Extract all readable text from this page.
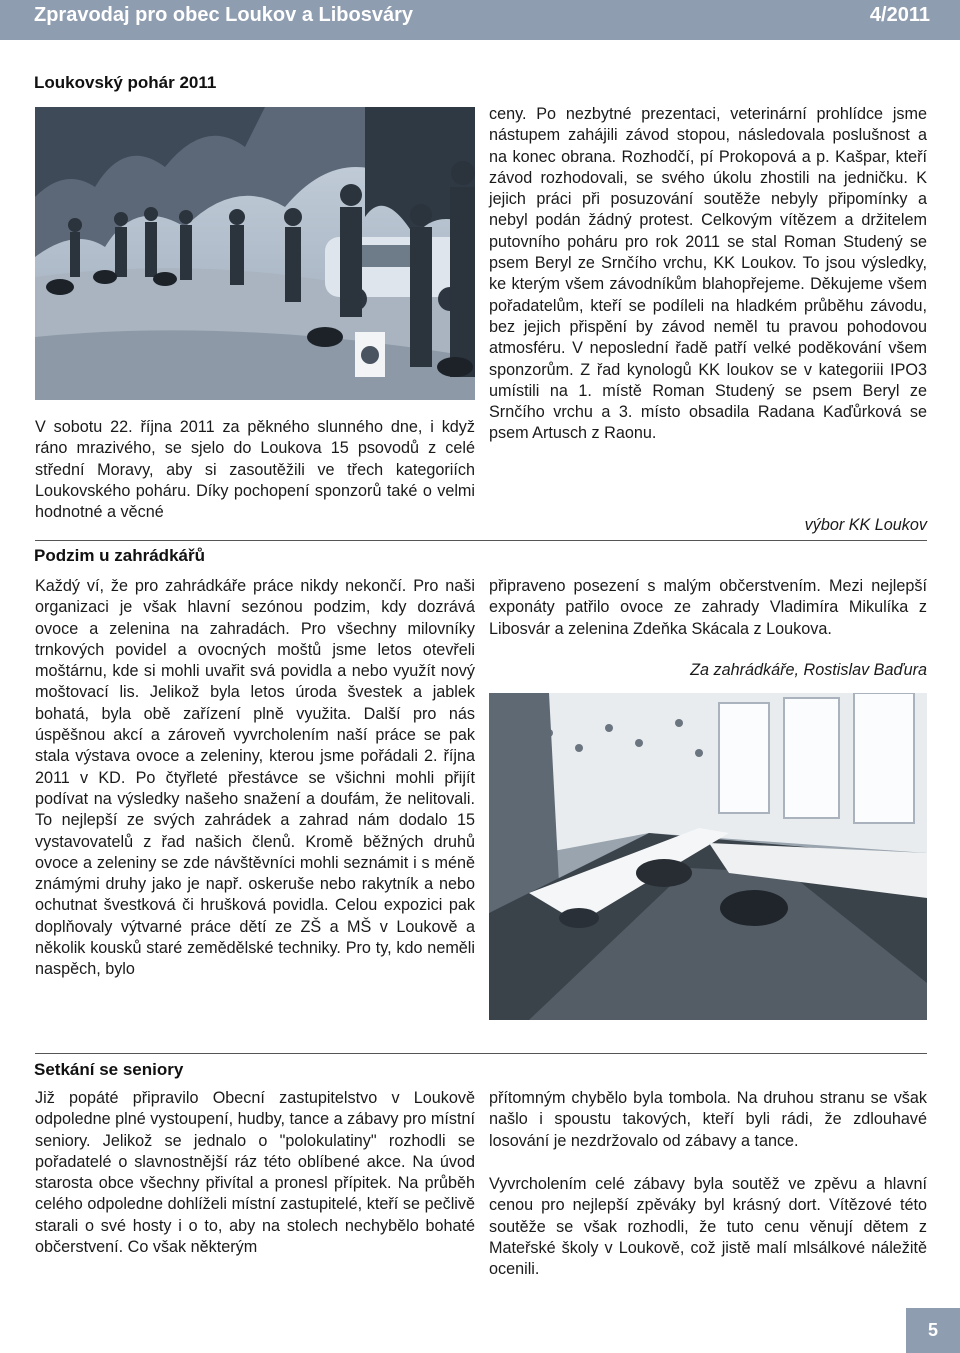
Zpravodaj pro obec Loukov a Libosváry	4/2011
Loukovský pohár 2011

V sobotu 22. října 2011 za pěkného slunného dne, i když ráno mrazivého, se sjelo do Loukova 15 psovodů z celé střední Moravy, aby si zasoutěžili ve třech kategoriích Loukovského poháru. Díky pochopení sponzorů také o velmi hodnotné a věcné

ceny. Po nezbytné prezentaci, veterinární prohlídce jsme nástupem zahájili závod stopou, následovala poslušnost a na konec obrana. Rozhodčí, pí Prokopová a p. Kašpar, kteří závod rozhodovali, se svého úkolu zhostili na jedničku. K jejich práci při posuzování soutěže nebyly připomínky a nebyl podán žádný protest. Celkovým vítězem a držitelem putovního poháru pro rok 2011 se stal Roman Studený se psem Beryl ze Srnčího vrchu, KK Loukov. To jsou výsledky, ke kterým všem závodníkům blahopřejeme. Děkujeme všem pořadatelům, kteří se podíleli na hladkém průběhu závodu, bez jejich přispění by závod neměl tu pravou pohodovou atmosféru. V neposlední řadě patří velké poděkování všem sponzorům. Z řad kynologů KK loukov se v kategoriii IPO3 umístili na 1. místě Roman Studený se psem Beryl ze Srnčího vrchu a 3. místo obsadila Radana Kaďůrková se psem Artusch z Raonu.

výbor KK Loukov
Podzim u zahrádkářů

Každý ví, že pro zahrádkáře práce nikdy nekončí. Pro naši organizaci je však hlavní sezónou podzim, kdy dozrává ovoce a zelenina na zahradách. Pro všechny milovníky trnkových povidel a ovocných moštů jsme letos otevřeli moštárnu, kde si mohli uvařit svá povidla a nebo využít nový moštovací lis. Jelikož byla letos úroda švestek a jablek bohatá, byla obě zařízení plně využita. Další pro nás úspěšnou akcí a zároveň vyvrcholením naší práce se pak stala výstava ovoce a zeleniny, kterou jsme pořádali 2. října 2011 v KD. Po čtyřleté přestávce se všichni mohli přijít podívat na výsledky našeho snažení a doufám, že nelitovali. To nejlepší ze svých zahrádek a zahrad nám dodalo 15 vystavovatelů z řad našich členů. Kromě běžných druhů ovoce a zeleniny se zde návštěvníci mohli seznámit i s méně známými druhy jako je např. oskeruše nebo rakytník a nebo ochutnat švestková či hrušková povidla. Celou expozici pak doplňovaly výtvarné práce dětí ze ZŠ a MŠ v Loukově a několik kousků staré zemědělské techniky. Pro ty, kdo neměli naspěch, bylo

připraveno posezení s malým občerstvením. Mezi nejlepší exponáty patřilo ovoce ze zahrady Vladimíra Mikulíka z Libosvár a zelenina Zdeňka Skácala z Loukova.

Za zahrádkáře, Rostislav Baďura
Setkání se seniory

Již popáté připravilo Obecní zastupitelstvo v Loukově odpoledne plné vystoupení, hudby, tance a zábavy pro místní seniory. Jelikož se jednalo o "polokulatiny" rozhodli se pořadatelé o slavnostnější ráz této oblíbené akce. Na úvod starosta obce všechny přivítal a pronesl přípitek. Na průběh celého odpoledne dohlíželi místní zastupitelé, kteří se pečlivě starali o své hosty i o to, aby na stolech nechybělo bohaté občerstvení. Co však některým

přítomným chybělo byla tombola. Na druhou stranu se však našlo i spoustu takových, kteří byli rádi, že zdlouhavé losování je nezdržovalo od zábavy a tance.

Vyvrcholením celé zábavy byla soutěž ve zpěvu a hlavní cenou pro nejlepší zpěváky byl krásný dort. Vítězové této soutěže se však rozhodli, že tuto cenu věnují dětem z Mateřské školy v Loukově, což jistě malí mlsálkové náležitě ocenili.

5
